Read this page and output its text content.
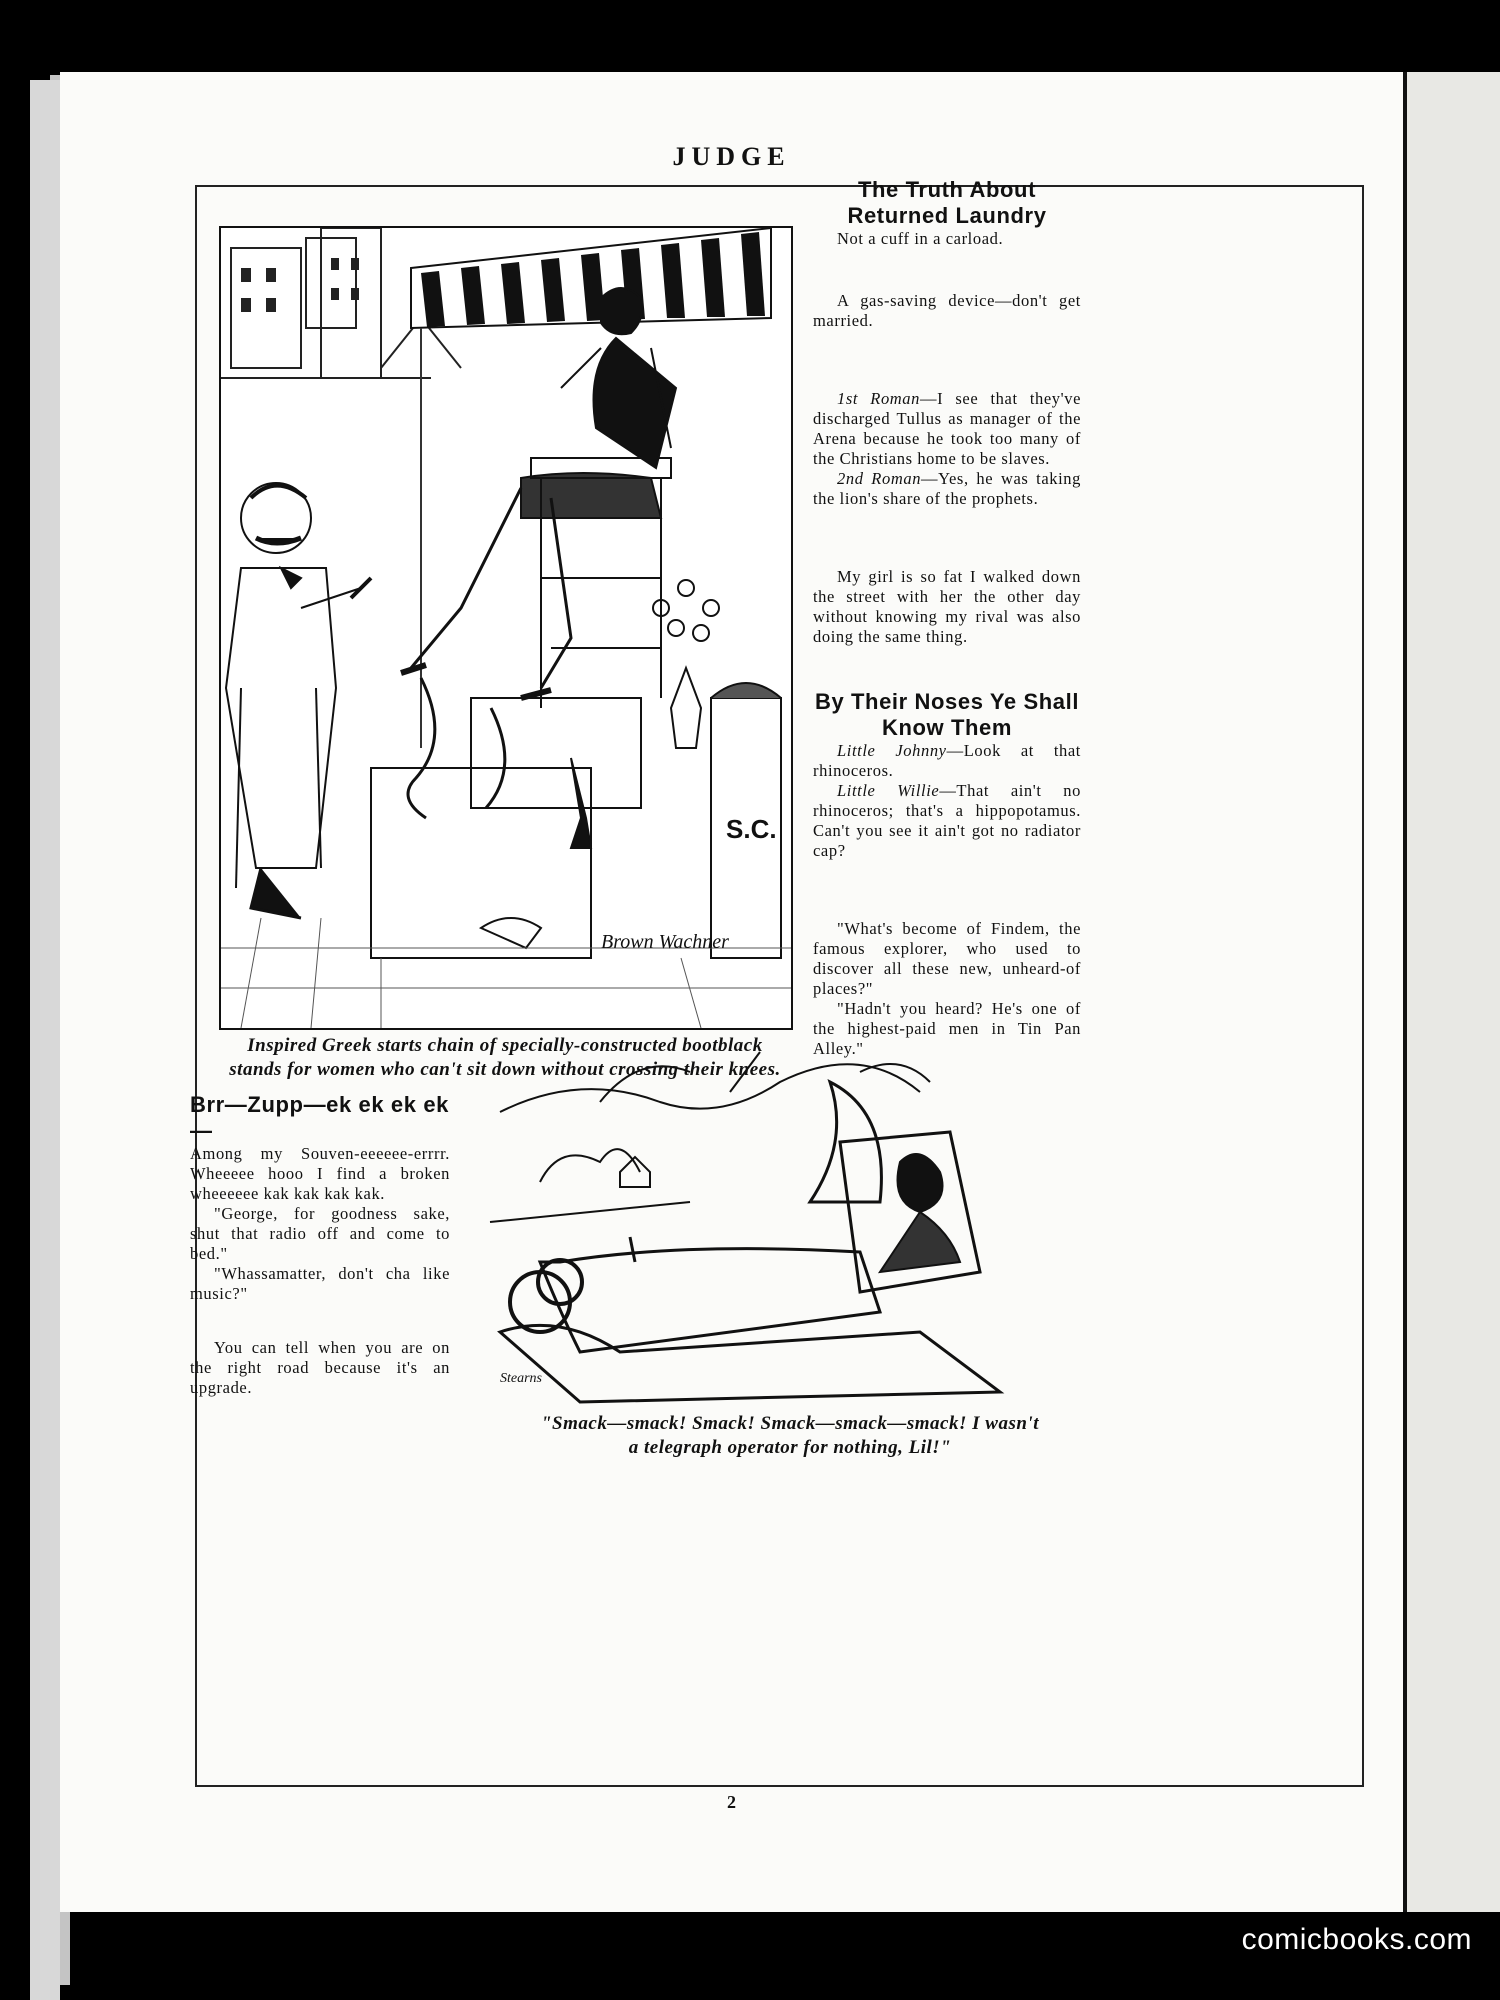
JUDGE
S.C.
Brown Wachner
Inspired Greek starts chain of specially-constructed bootblack
stands for women who can't sit down without crossing their knees.
The Truth About Returned Laundry

Not a cuff in a carload.

A gas-saving device—don't get married.

1st Roman—I see that they've discharged Tullus as manager of the Arena because he took too many of the Christians home to be slaves.

2nd Roman—Yes, he was taking the lion's share of the prophets.

My girl is so fat I walked down the street with her the other day without knowing my rival was also doing the same thing.

By Their Noses Ye Shall Know Them

Little Johnny—Look at that rhinoceros.

Little Willie—That ain't no rhinoceros; that's a hippopotamus. Can't you see it ain't got no radiator cap?

"What's become of Findem, the famous explorer, who used to discover all these new, unheard-of places?"

"Hadn't you heard? He's one of the highest-paid men in Tin Pan Alley."

Brr—Zupp—ek ek ek ek—

Among my Souven-eeeeee-errrr. Wheeeee hooo I find a broken wheeeeee kak kak kak kak.

"George, for goodness sake, shut that radio off and come to bed."

"Whassamatter, don't cha like music?"

You can tell when you are on the right road because it's an upgrade.	Stearns
"Smack—smack! Smack! Smack—smack—smack! I wasn't
a telegraph operator for nothing, Lil!"
2
comicbooks.com
